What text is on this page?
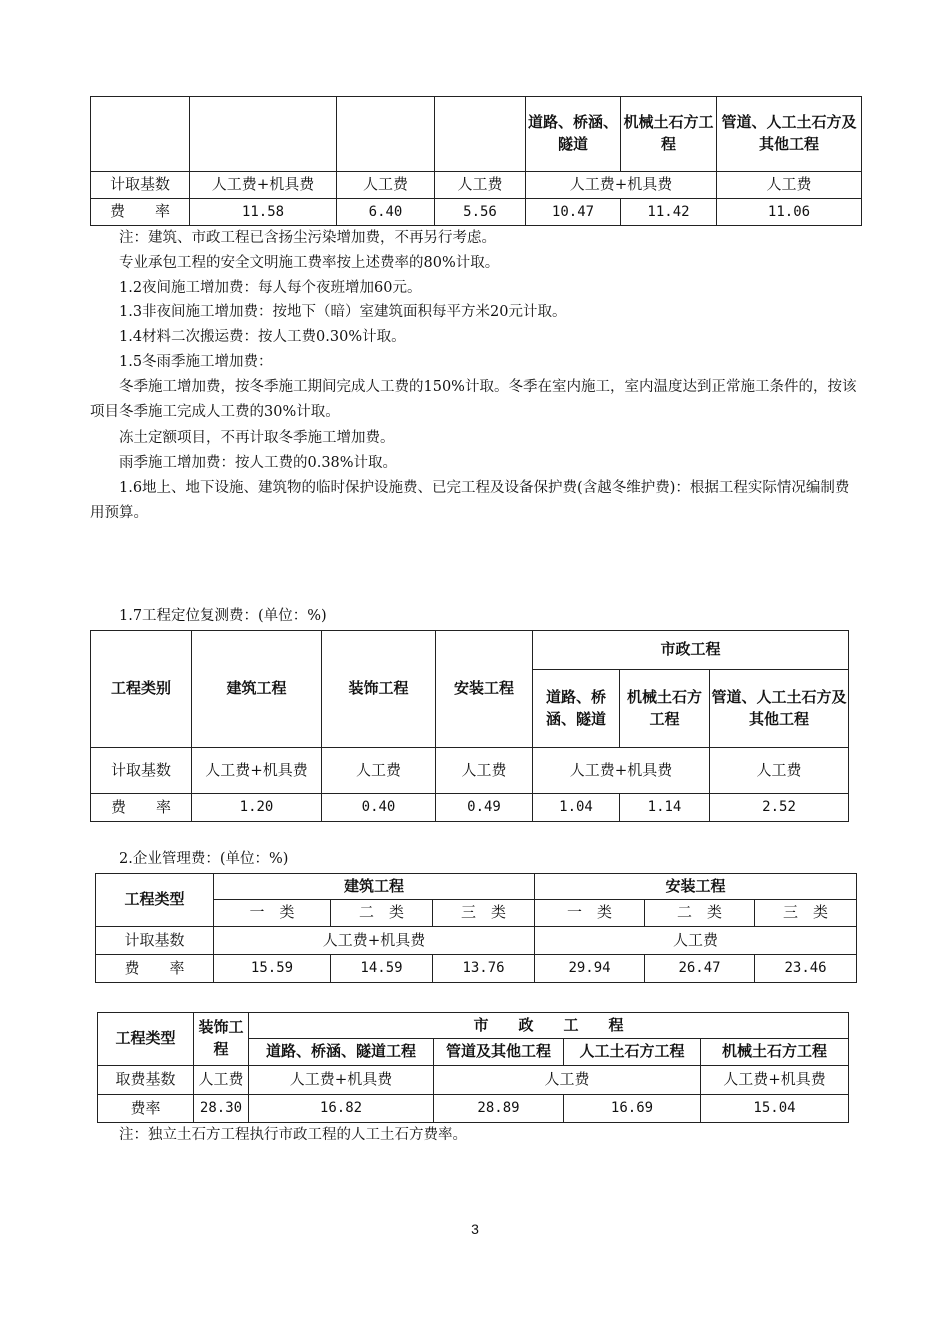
				道路、桥涵、隧道	机械土石方工程	管道、人工土石方及其他工程
计取基数	人工费+机具费	人工费	人工费	人工费+机具费		人工费
费　　率	11.58	6.40	5.56	10.47	11.42	11.06
注：建筑、市政工程已含扬尘污染增加费，不再另行考虑。
专业承包工程的安全文明施工费率按上述费率的80%计取。
1.2夜间施工增加费：每人每个夜班增加60元。
1.3非夜间施工增加费：按地下（暗）室建筑面积每平方米20元计取。
1.4材料二次搬运费：按人工费0.30%计取。
1.5冬雨季施工增加费：
冬季施工增加费，按冬季施工期间完成人工费的150%计取。冬季在室内施工，室内温度达到正常施工条件的，按该项目冬季施工完成人工费的30%计取。
冻土定额项目，不再计取冬季施工增加费。
雨季施工增加费：按人工费的0.38%计取。
1.6地上、地下设施、建筑物的临时保护设施费、已完工程及设备保护费(含越冬维护费)：根据工程实际情况编制费用预算。
1.7工程定位复测费：(单位：%)
工程类别	建筑工程	装饰工程	安装工程	市政工程		
				道路、桥涵、隧道	机械土石方工程	管道、人工土石方及其他工程
计取基数	人工费+机具费	人工费	人工费	人工费+机具费		人工费
费　　率	1.20	0.40	0.49	1.04	1.14	2.52
2.企业管理费：(单位：%)
工程类型	建筑工程			安装工程		
	一　类	二　类	三　类	一　类	二　类	三　类
计取基数	人工费+机具费			人工费		
费　　率	15.59	14.59	13.76	29.94	26.47	23.46
工程类型	装饰工程	市　　政　　工　　程			
		道路、桥涵、隧道工程	管道及其他工程	人工土石方工程	机械土石方工程
取费基数	人工费	人工费+机具费	人工费		人工费+机具费
费率	28.30	16.82	28.89	16.69	15.04
注：独立土石方工程执行市政工程的人工土石方费率。
3
